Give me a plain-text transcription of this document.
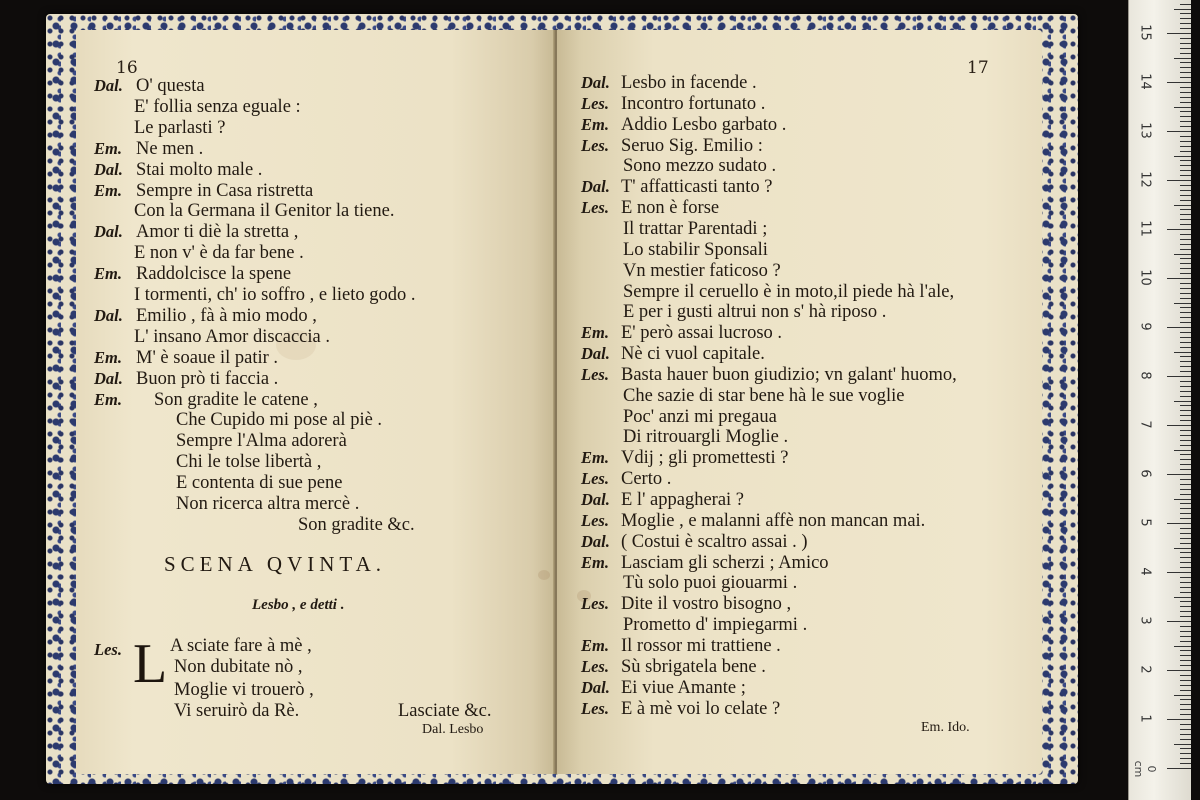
16
Dal. O' questa
E' follia senza eguale :
Le parlasti ?
Em. Ne men .
Dal. Stai molto male .
Em. Sempre in Casa ristretta
Con la Germana il Genitor la tiene.
Dal. Amor ti diè la stretta ,
E non v' è da far bene .
Em. Raddolcisce la spene
I tormenti, ch' io soffro , e lieto godo .
Dal. Emilio , fà à mio modo ,
L' insano Amor discaccia .
Em. M' è soaue il patir .
Dal. Buon prò ti faccia .
Em. Son gradite le catene ,
Che Cupido mi pose al piè .
Sempre l'Alma adorerà
Chi le tolse libertà ,
E contenta di sue pene
Non ricerca altra mercè .
Son gradite &c.
SCENA QVINTA.
Lesbo , e detti .
Les. L A sciate fare à mè ,
Non dubitate nò ,
Moglie vi trouerò ,
Vi seruirò da Rè.	Lasciate &c.
Dal. Lesbo
17
Dal. Lesbo in facende .
Les. Incontro fortunato .
Em. Addio Lesbo garbato .
Les. Seruo Sig. Emilio :
Sono mezzo sudato .
Dal. T' affatticasti tanto ?
Les. E non è forse
Il trattar Parentadi ;
Lo stabilir Sponsali
Vn mestier faticoso ?
Sempre il ceruello è in moto,il piede hà l'ale,
E per i gusti altrui non s' hà riposo .
Em. E' però assai lucroso .
Dal. Nè ci vuol capitale.
Les. Basta hauer buon giudizio; vn galant' huomo,
Che sazie di star bene hà le sue voglie
Poc' anzi mi pregaua
Di ritrouargli Moglie .
Em. Vdij ; gli promettesti ?
Les. Certo .
Dal. E l' appagherai ?
Les. Moglie , e malanni affè non mancan mai.
Dal. ( Costui è scaltro assai . )
Em. Lasciam gli scherzi ; Amico
Tù solo puoi giouarmi .
Les. Dite il vostro bisogno ,
Prometto d' impiegarmi .
Em. Il rossor mi trattiene .
Les. Sù sbrigatela bene .
Dal. Ei viue Amante ;
Les. E à mè voi lo celate ?
Em. Ido.
0 cm
15
14
13
12
11
10
9
8
7
6
5
4
3
2
1
